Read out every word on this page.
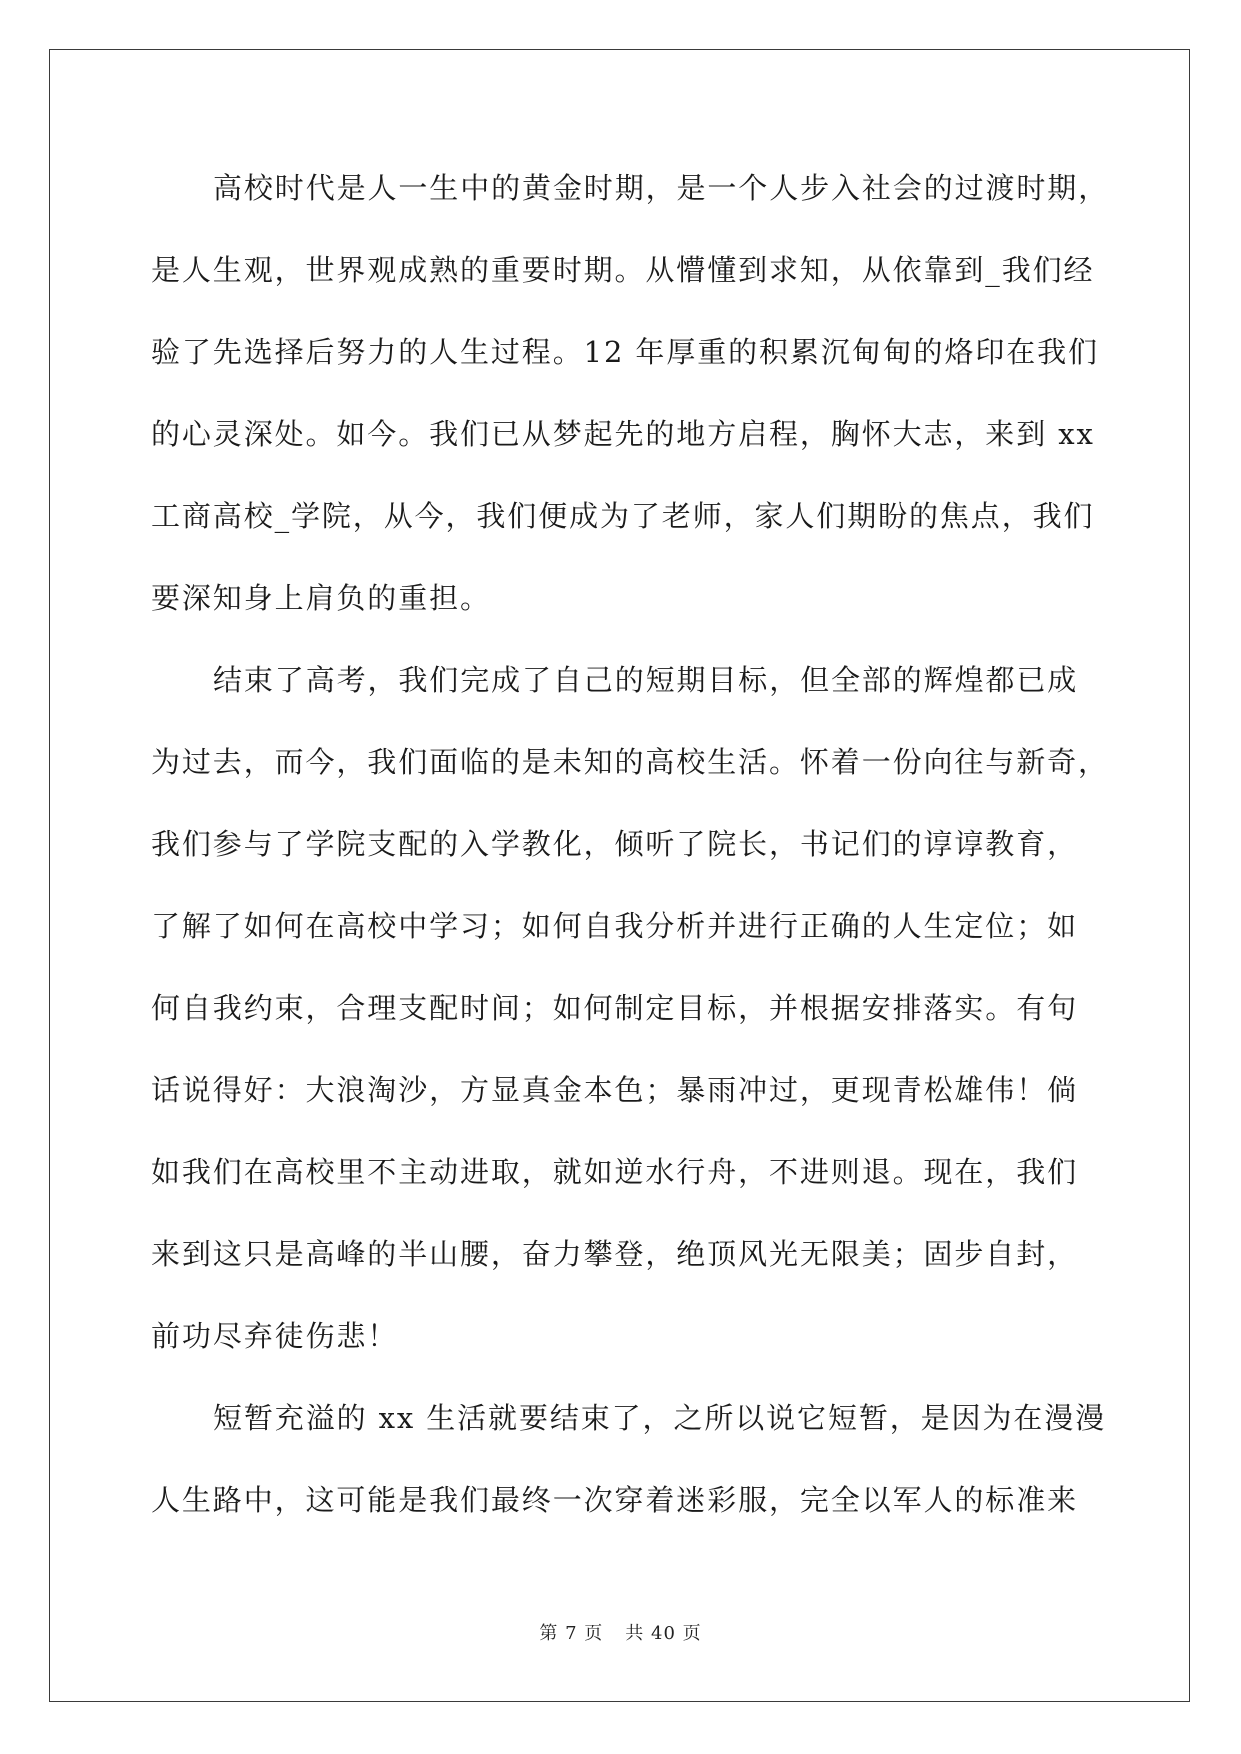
高校时代是人一生中的黄金时期，是一个人步入社会的过渡时期，
是人生观，世界观成熟的重要时期。从懵懂到求知，从依靠到_我们经
验了先选择后努力的人生过程。12 年厚重的积累沉甸甸的烙印在我们
的心灵深处。如今。我们已从梦起先的地方启程，胸怀大志，来到 xx
工商高校_学院，从今，我们便成为了老师，家人们期盼的焦点，我们
要深知身上肩负的重担。
结束了高考，我们完成了自己的短期目标，但全部的辉煌都已成
为过去，而今，我们面临的是未知的高校生活。怀着一份向往与新奇，
我们参与了学院支配的入学教化，倾听了院长，书记们的谆谆教育，
了解了如何在高校中学习；如何自我分析并进行正确的人生定位；如
何自我约束，合理支配时间；如何制定目标，并根据安排落实。有句
话说得好：大浪淘沙，方显真金本色；暴雨冲过，更现青松雄伟！倘
如我们在高校里不主动进取，就如逆水行舟，不进则退。现在，我们
来到这只是高峰的半山腰，奋力攀登，绝顶风光无限美；固步自封，
前功尽弃徒伤悲！
短暂充溢的 xx 生活就要结束了，之所以说它短暂，是因为在漫漫
人生路中，这可能是我们最终一次穿着迷彩服，完全以军人的标准来
第 7 页 共 40 页
